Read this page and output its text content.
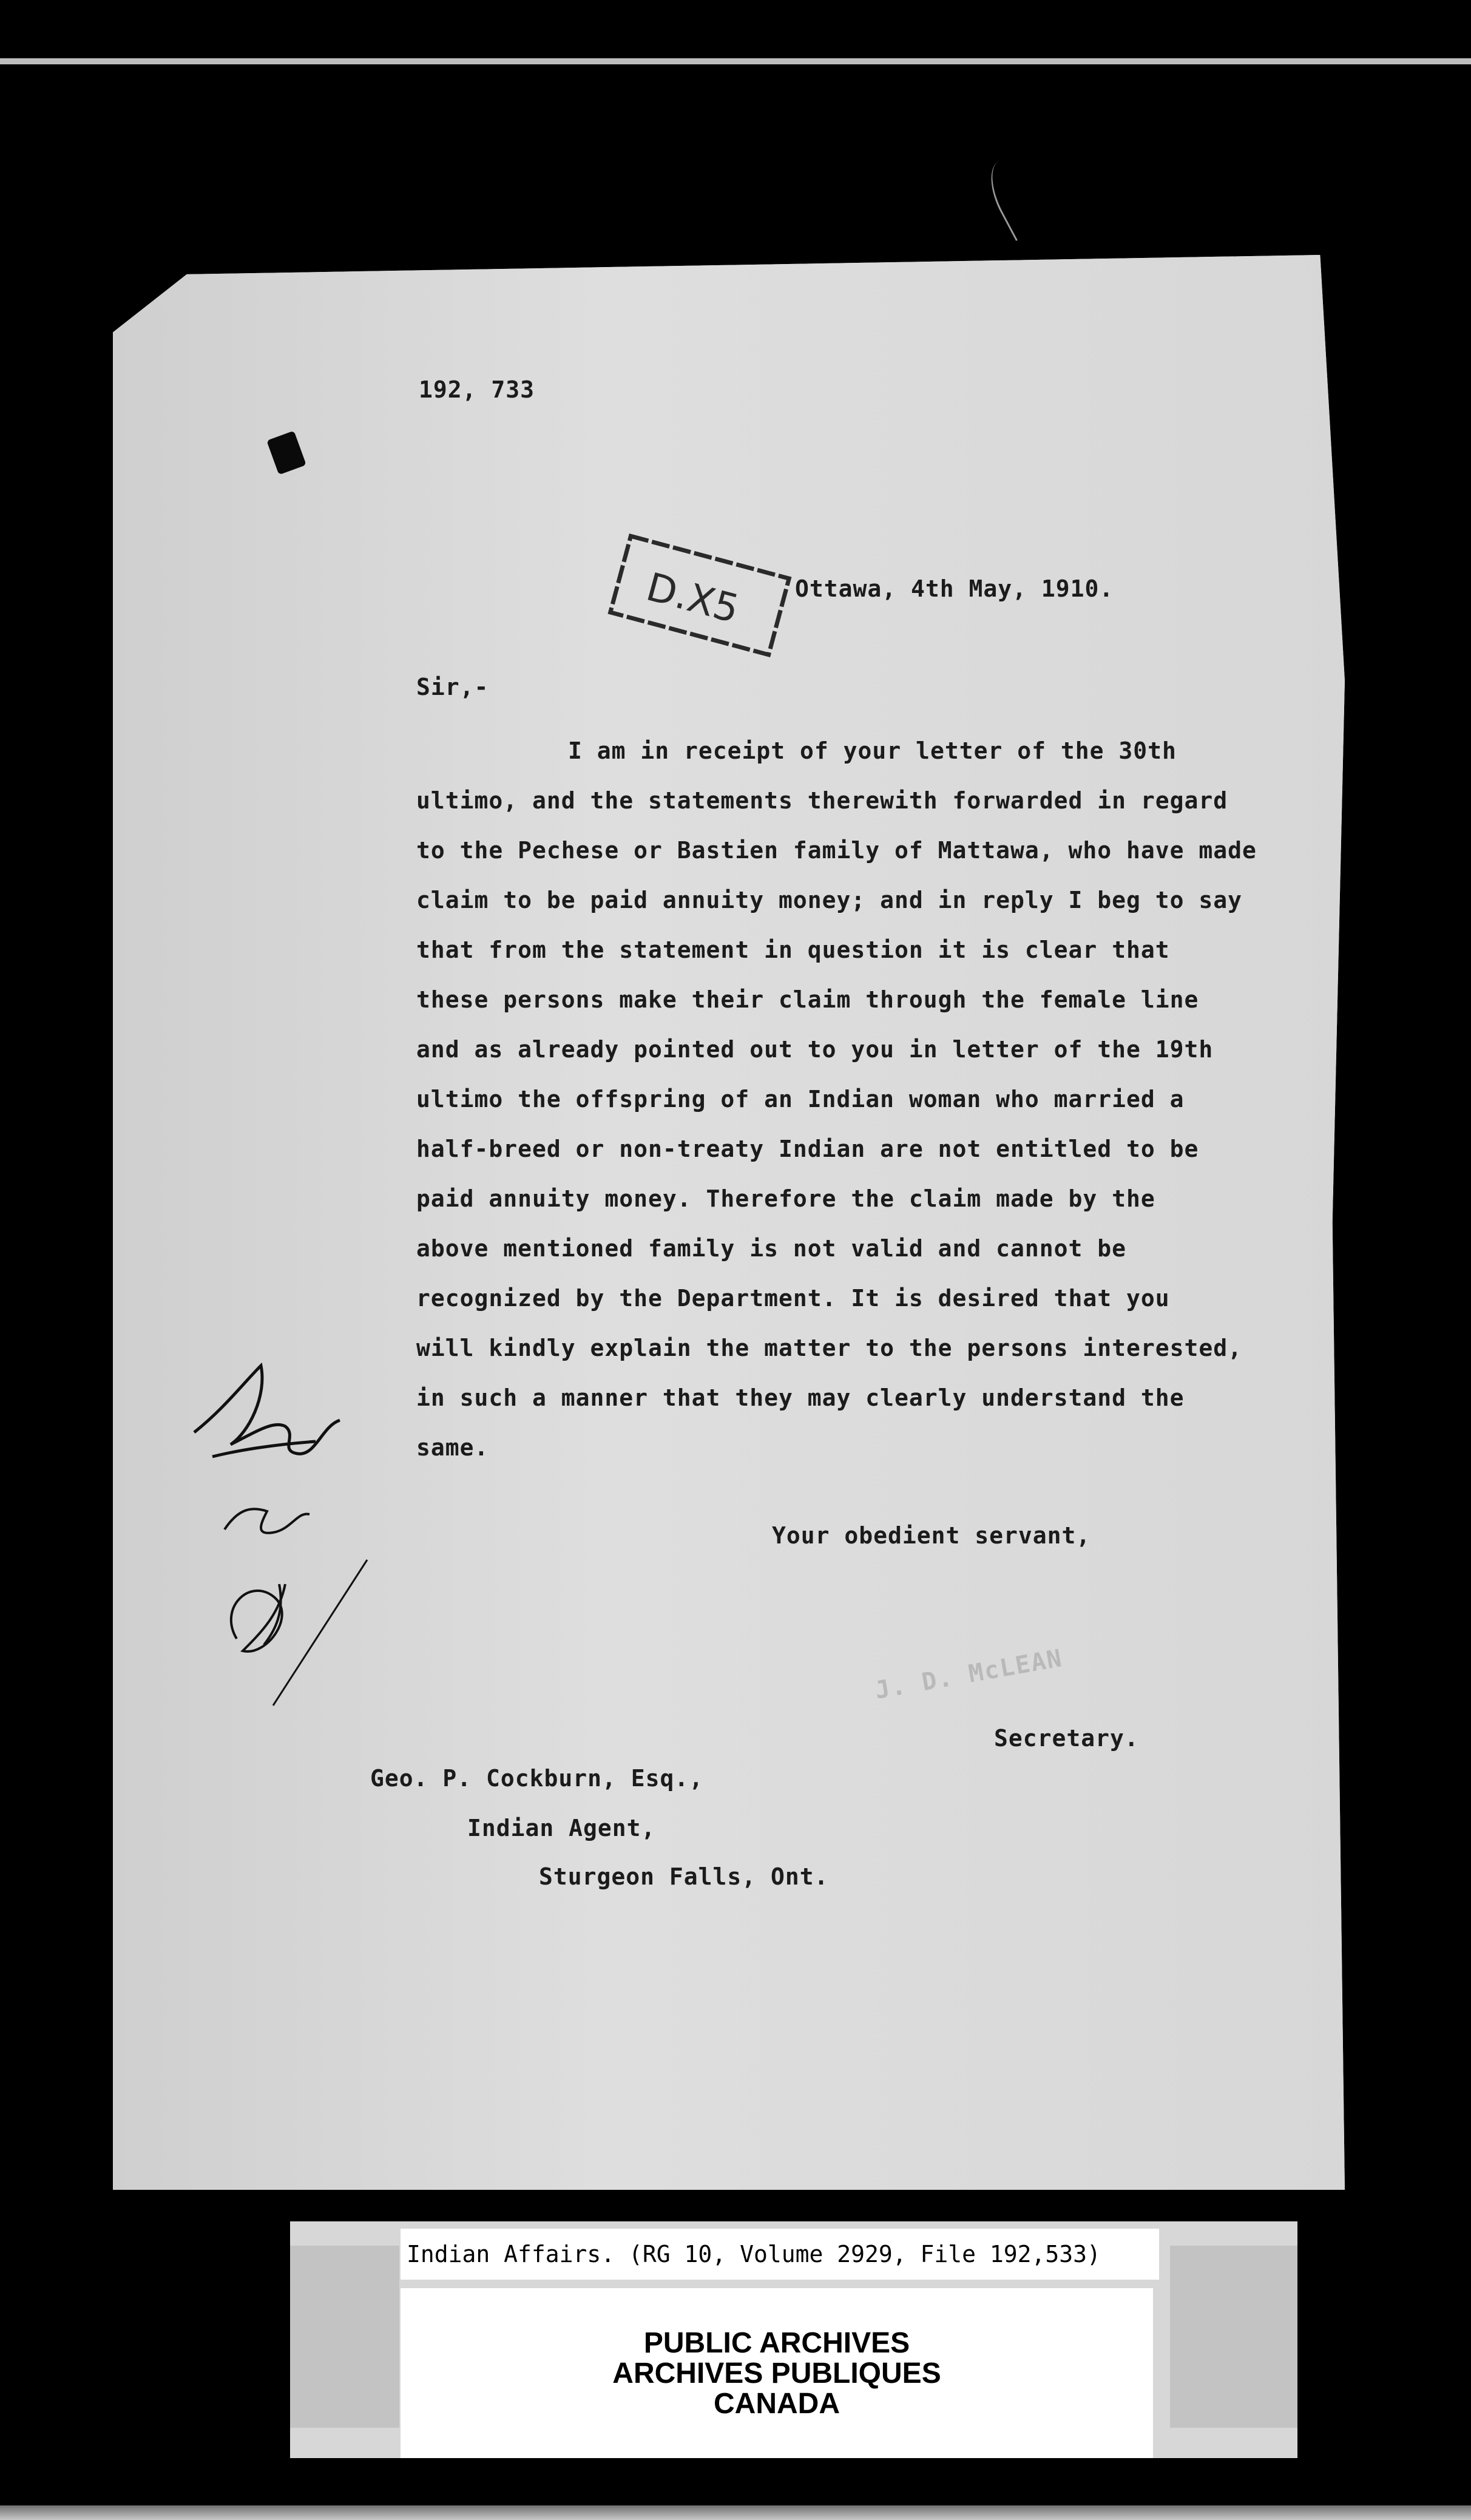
192, 733
D.X5 Ottawa, 4th May, 1910.
Sir,-
I am in receipt of your letter of the 30th
ultimo, and the statements therewith forwarded in regard
to the Pechese or Bastien family of Mattawa, who have made
claim to be paid annuity money; and in reply I beg to say
that from the statement in question it is clear that
these persons make their claim through the female line
and as already pointed out to you in letter of the 19th
ultimo the offspring of an Indian woman who married a
half-breed or non-treaty Indian are not entitled to be
paid annuity money. Therefore the claim made by the
above mentioned family is not valid and cannot be
recognized by the Department. It is desired that you
will kindly explain the matter to the persons interested,
in such a manner that they may clearly understand the
same.
Your obedient servant,
J. D. McLEAN
Secretary.
Geo. P. Cockburn, Esq.,
Indian Agent,
Sturgeon Falls, Ont.
Indian Affairs. (RG 10, Volume 2929, File 192,533)
PUBLIC ARCHIVES
ARCHIVES PUBLIQUES
CANADA
